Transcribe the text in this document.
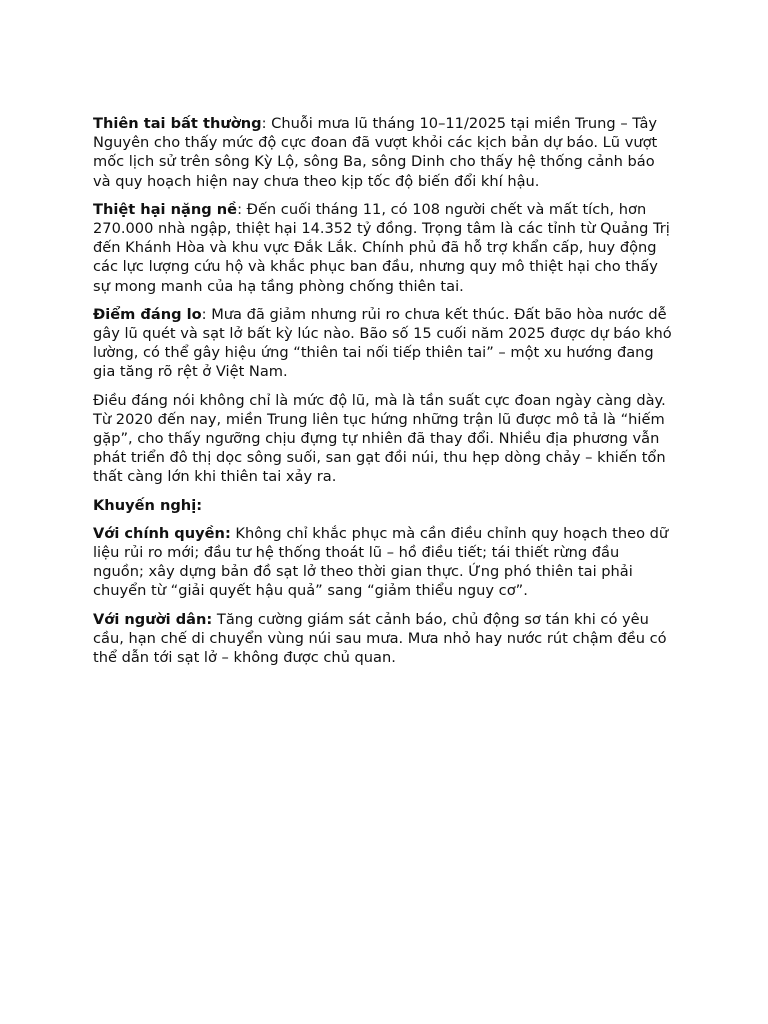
Thiên tai bất thường: Chuỗi mưa lũ tháng 10–11/2025 tại miền Trung – Tây Nguyên cho thấy mức độ cực đoan đã vượt khỏi các kịch bản dự báo. Lũ vượt mốc lịch sử trên sông Kỳ Lộ, sông Ba, sông Dinh cho thấy hệ thống cảnh báo và quy hoạch hiện nay chưa theo kịp tốc độ biến đổi khí hậu.

Thiệt hại nặng nề: Đến cuối tháng 11, có 108 người chết và mất tích, hơn 270.000 nhà ngập, thiệt hại 14.352 tỷ đồng. Trọng tâm là các tỉnh từ Quảng Trị đến Khánh Hòa và khu vực Đắk Lắk. Chính phủ đã hỗ trợ khẩn cấp, huy động các lực lượng cứu hộ và khắc phục ban đầu, nhưng quy mô thiệt hại cho thấy sự mong manh của hạ tầng phòng chống thiên tai.

Điểm đáng lo: Mưa đã giảm nhưng rủi ro chưa kết thúc. Đất bão hòa nước dễ gây lũ quét và sạt lở bất kỳ lúc nào. Bão số 15 cuối năm 2025 được dự báo khó lường, có thể gây hiệu ứng “thiên tai nối tiếp thiên tai” – một xu hướng đang gia tăng rõ rệt ở Việt Nam.

Điều đáng nói không chỉ là mức độ lũ, mà là tần suất cực đoan ngày càng dày. Từ 2020 đến nay, miền Trung liên tục hứng những trận lũ được mô tả là “hiếm gặp”, cho thấy ngưỡng chịu đựng tự nhiên đã thay đổi. Nhiều địa phương vẫn phát triển đô thị dọc sông suối, san gạt đồi núi, thu hẹp dòng chảy – khiến tổn thất càng lớn khi thiên tai xảy ra.

Khuyến nghị:

Với chính quyền: Không chỉ khắc phục mà cần điều chỉnh quy hoạch theo dữ liệu rủi ro mới; đầu tư hệ thống thoát lũ – hồ điều tiết; tái thiết rừng đầu nguồn; xây dựng bản đồ sạt lở theo thời gian thực. Ứng phó thiên tai phải chuyển từ “giải quyết hậu quả” sang “giảm thiểu nguy cơ”.

Với người dân: Tăng cường giám sát cảnh báo, chủ động sơ tán khi có yêu cầu, hạn chế di chuyển vùng núi sau mưa. Mưa nhỏ hay nước rút chậm đều có thể dẫn tới sạt lở – không được chủ quan.
